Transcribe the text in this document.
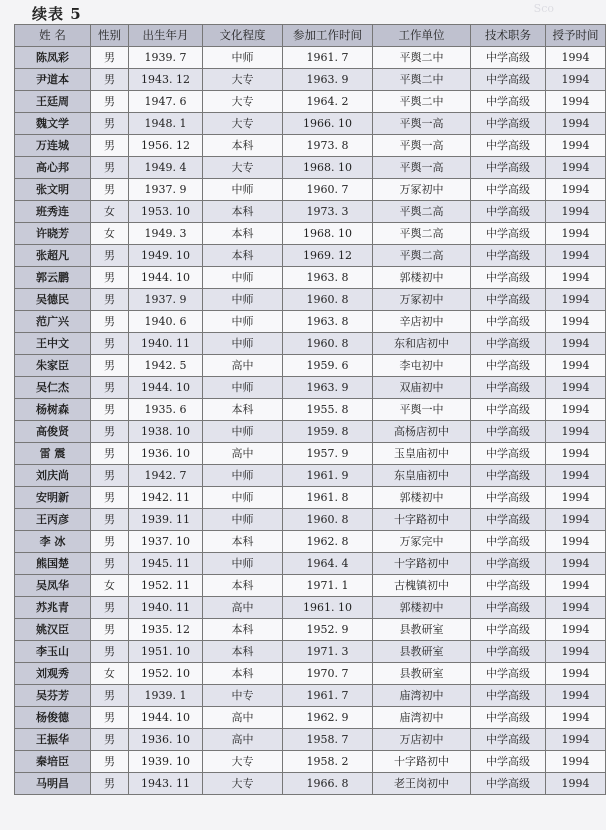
续表 5	Sco
姓 名	性别	出生年月	文化程度	参加工作时间	工作单位	技术职务	授予时间
陈凤彩	男	1939. 7	中师	1961. 7	平舆二中	中学高级	1994
尹道本	男	1943. 12	大专	1963. 9	平舆二中	中学高级	1994
王廷周	男	1947. 6	大专	1964. 2	平舆二中	中学高级	1994
魏文学	男	1948. 1	大专	1966. 10	平舆一高	中学高级	1994
万连城	男	1956. 12	本科	1973. 8	平舆一高	中学高级	1994
高心邦	男	1949. 4	大专	1968. 10	平舆一高	中学高级	1994
张文明	男	1937. 9	中师	1960. 7	万冢初中	中学高级	1994
班秀连	女	1953. 10	本科	1973. 3	平舆二高	中学高级	1994
许晓芳	女	1949. 3	本科	1968. 10	平舆二高	中学高级	1994
张超凡	男	1949. 10	本科	1969. 12	平舆二高	中学高级	1994
郭云鹏	男	1944. 10	中师	1963. 8	郭楼初中	中学高级	1994
吴德民	男	1937. 9	中师	1960. 8	万冢初中	中学高级	1994
范广兴	男	1940. 6	中师	1963. 8	辛店初中	中学高级	1994
王中文	男	1940. 11	中师	1960. 8	东和店初中	中学高级	1994
朱家臣	男	1942. 5	高中	1959. 6	李屯初中	中学高级	1994
吴仁杰	男	1944. 10	中师	1963. 9	双庙初中	中学高级	1994
杨树森	男	1935. 6	本科	1955. 8	平舆一中	中学高级	1994
高俊贤	男	1938. 10	中师	1959. 8	高杨店初中	中学高级	1994
雷 震	男	1936. 10	高中	1957. 9	玉皇庙初中	中学高级	1994
刘庆尚	男	1942. 7	中师	1961. 9	东皇庙初中	中学高级	1994
安明新	男	1942. 11	中师	1961. 8	郭楼初中	中学高级	1994
王丙彦	男	1939. 11	中师	1960. 8	十字路初中	中学高级	1994
李 冰	男	1937. 10	本科	1962. 8	万冢完中	中学高级	1994
熊国楚	男	1945. 11	中师	1964. 4	十字路初中	中学高级	1994
吴凤华	女	1952. 11	本科	1971. 1	古槐镇初中	中学高级	1994
苏兆青	男	1940. 11	高中	1961. 10	郭楼初中	中学高级	1994
姚汉臣	男	1935. 12	本科	1952. 9	县教研室	中学高级	1994
李玉山	男	1951. 10	本科	1971. 3	县教研室	中学高级	1994
刘观秀	女	1952. 10	本科	1970. 7	县教研室	中学高级	1994
吴芬芳	男	1939. 1	中专	1961. 7	庙湾初中	中学高级	1994
杨俊德	男	1944. 10	高中	1962. 9	庙湾初中	中学高级	1994
王振华	男	1936. 10	高中	1958. 7	万店初中	中学高级	1994
秦培臣	男	1939. 10	大专	1958. 2	十字路初中	中学高级	1994
马明昌	男	1943. 11	大专	1966. 8	老王岗初中	中学高级	1994
